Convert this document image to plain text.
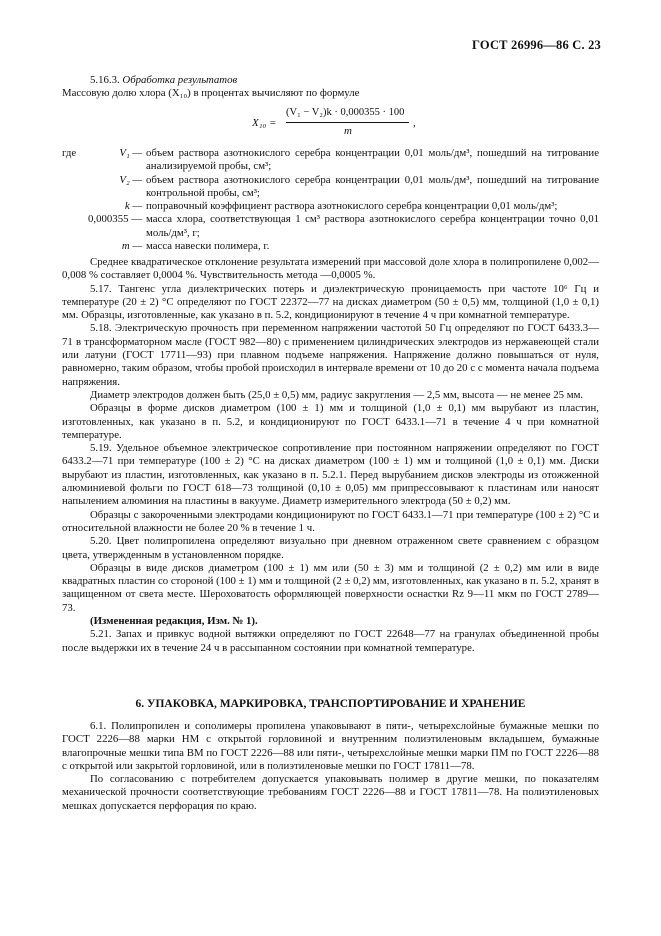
ГОСТ 26996—86 С. 23
5.16.3. Обработка результатов
Массовую долю хлора (X₁₀) в процентах вычисляют по формуле
X₁₀ =
(V₁ − V₂)k · 0,000355 · 100
m
,
где	V₁ — объем раствора азотнокислого серебра концентрации 0,01 моль/дм³, пошедший на титрование анализируемой пробы, см³;
V₂ — объем раствора азотнокислого серебра концентрации 0,01 моль/дм³, пошедший на титрование контрольной пробы, см³;
k — поправочный коэффициент раствора азотнокислого серебра концентрации 0,01 моль/дм³;
0,000355 — масса хлора, соответствующая 1 см³ раствора азотнокислого серебра концентрации точно 0,01 моль/дм³, г;
m — масса навески полимера, г.
Среднее квадратическое отклонение результата измерений при массовой доле хлора в полипропилене 0,002—0,008 % составляет 0,0004 %. Чувствительность метода —0,0005 %.
5.17. Тангенс угла диэлектрических потерь и диэлектрическую проницаемость при частоте 10⁶ Гц и температуре (20 ± 2) °С определяют по ГОСТ 22372—77 на дисках диаметром (50 ± 0,5) мм, толщиной (1,0 ± 0,1) мм. Образцы, изготовленные, как указано в п. 5.2, кондиционируют в течение 4 ч при комнатной температуре.
5.18. Электрическую прочность при переменном напряжении частотой 50 Гц определяют по ГОСТ 6433.3—71 в трансформаторном масле (ГОСТ 982—80) с применением цилиндрических электродов из нержавеющей стали или латуни (ГОСТ 17711—93) при плавном подъеме напряжения. Напряжение должно повышаться от нуля, равномерно, таким образом, чтобы пробой происходил в интервале времени от 10 до 20 с с момента начала подъема напряжения.
Диаметр электродов должен быть (25,0 ± 0,5) мм, радиус закругления — 2,5 мм, высота — не менее 25 мм.
Образцы в форме дисков диаметром (100 ± 1) мм и толщиной (1,0 ± 0,1) мм вырубают из пластин, изготовленных, как указано в п. 5.2, и кондиционируют по ГОСТ 6433.1—71 в течение 4 ч при комнатной температуре.
5.19. Удельное объемное электрическое сопротивление при постоянном напряжении определяют по ГОСТ 6433.2—71 при температуре (100 ± 2) °С на дисках диаметром (100 ± 1) мм и толщиной (1,0 ± 0,1) мм. Диски вырубают из пластин, изготовленных, как указано в п. 5.2.1. Перед вырубанием дисков электроды из отожженной алюминиевой фольги по ГОСТ 618—73 толщиной (0,10 ± 0,05) мм припрессовывают к пластинам или наносят напылением алюминия на пластины в вакууме. Диаметр измерительного электрода (50 ± 0,2) мм.
Образцы с закороченными электродами кондиционируют по ГОСТ 6433.1—71 при температуре (100 ± 2) °С и относительной влажности не более 20 % в течение 1 ч.
5.20. Цвет полипропилена определяют визуально при дневном отраженном свете сравнением с образцом цвета, утвержденным в установленном порядке.
Образцы в виде дисков диаметром (100 ± 1) мм или (50 ± 3) мм и толщиной (2 ± 0,2) мм или в виде квадратных пластин со стороной (100 ± 1) мм и толщиной (2 ± 0,2) мм, изготовленных, как указано в п. 5.2, хранят в защищенном от света месте. Шероховатость оформляющей поверхности оснастки Rz 9—11 мкм по ГОСТ 2789—73.
(Измененная редакция, Изм. № 1).
5.21. Запах и привкус водной вытяжки определяют по ГОСТ 22648—77 на гранулах объединенной пробы после выдержки их в течение 24 ч в рассыпанном состоянии при комнатной температуре.
6. УПАКОВКА, МАРКИРОВКА, ТРАНСПОРТИРОВАНИЕ И ХРАНЕНИЕ
6.1. Полипропилен и сополимеры пропилена упаковывают в пяти-, четырехслойные бумажные мешки по ГОСТ 2226—88 марки НМ с открытой горловиной и внутренним полиэтиленовым вкладышем, бумажные влагопрочные мешки типа ВМ по ГОСТ 2226—88 или пяти-, четырехслойные мешки марки ПМ по ГОСТ 2226—88 с открытой или закрытой горловиной, или в полиэтиленовые мешки по ГОСТ 17811—78.
По согласованию с потребителем допускается упаковывать полимер в другие мешки, по показателям механической прочности соответствующие требованиям ГОСТ 2226—88 и ГОСТ 17811—78. На полиэтиленовых мешках допускается перфорация по краю.
